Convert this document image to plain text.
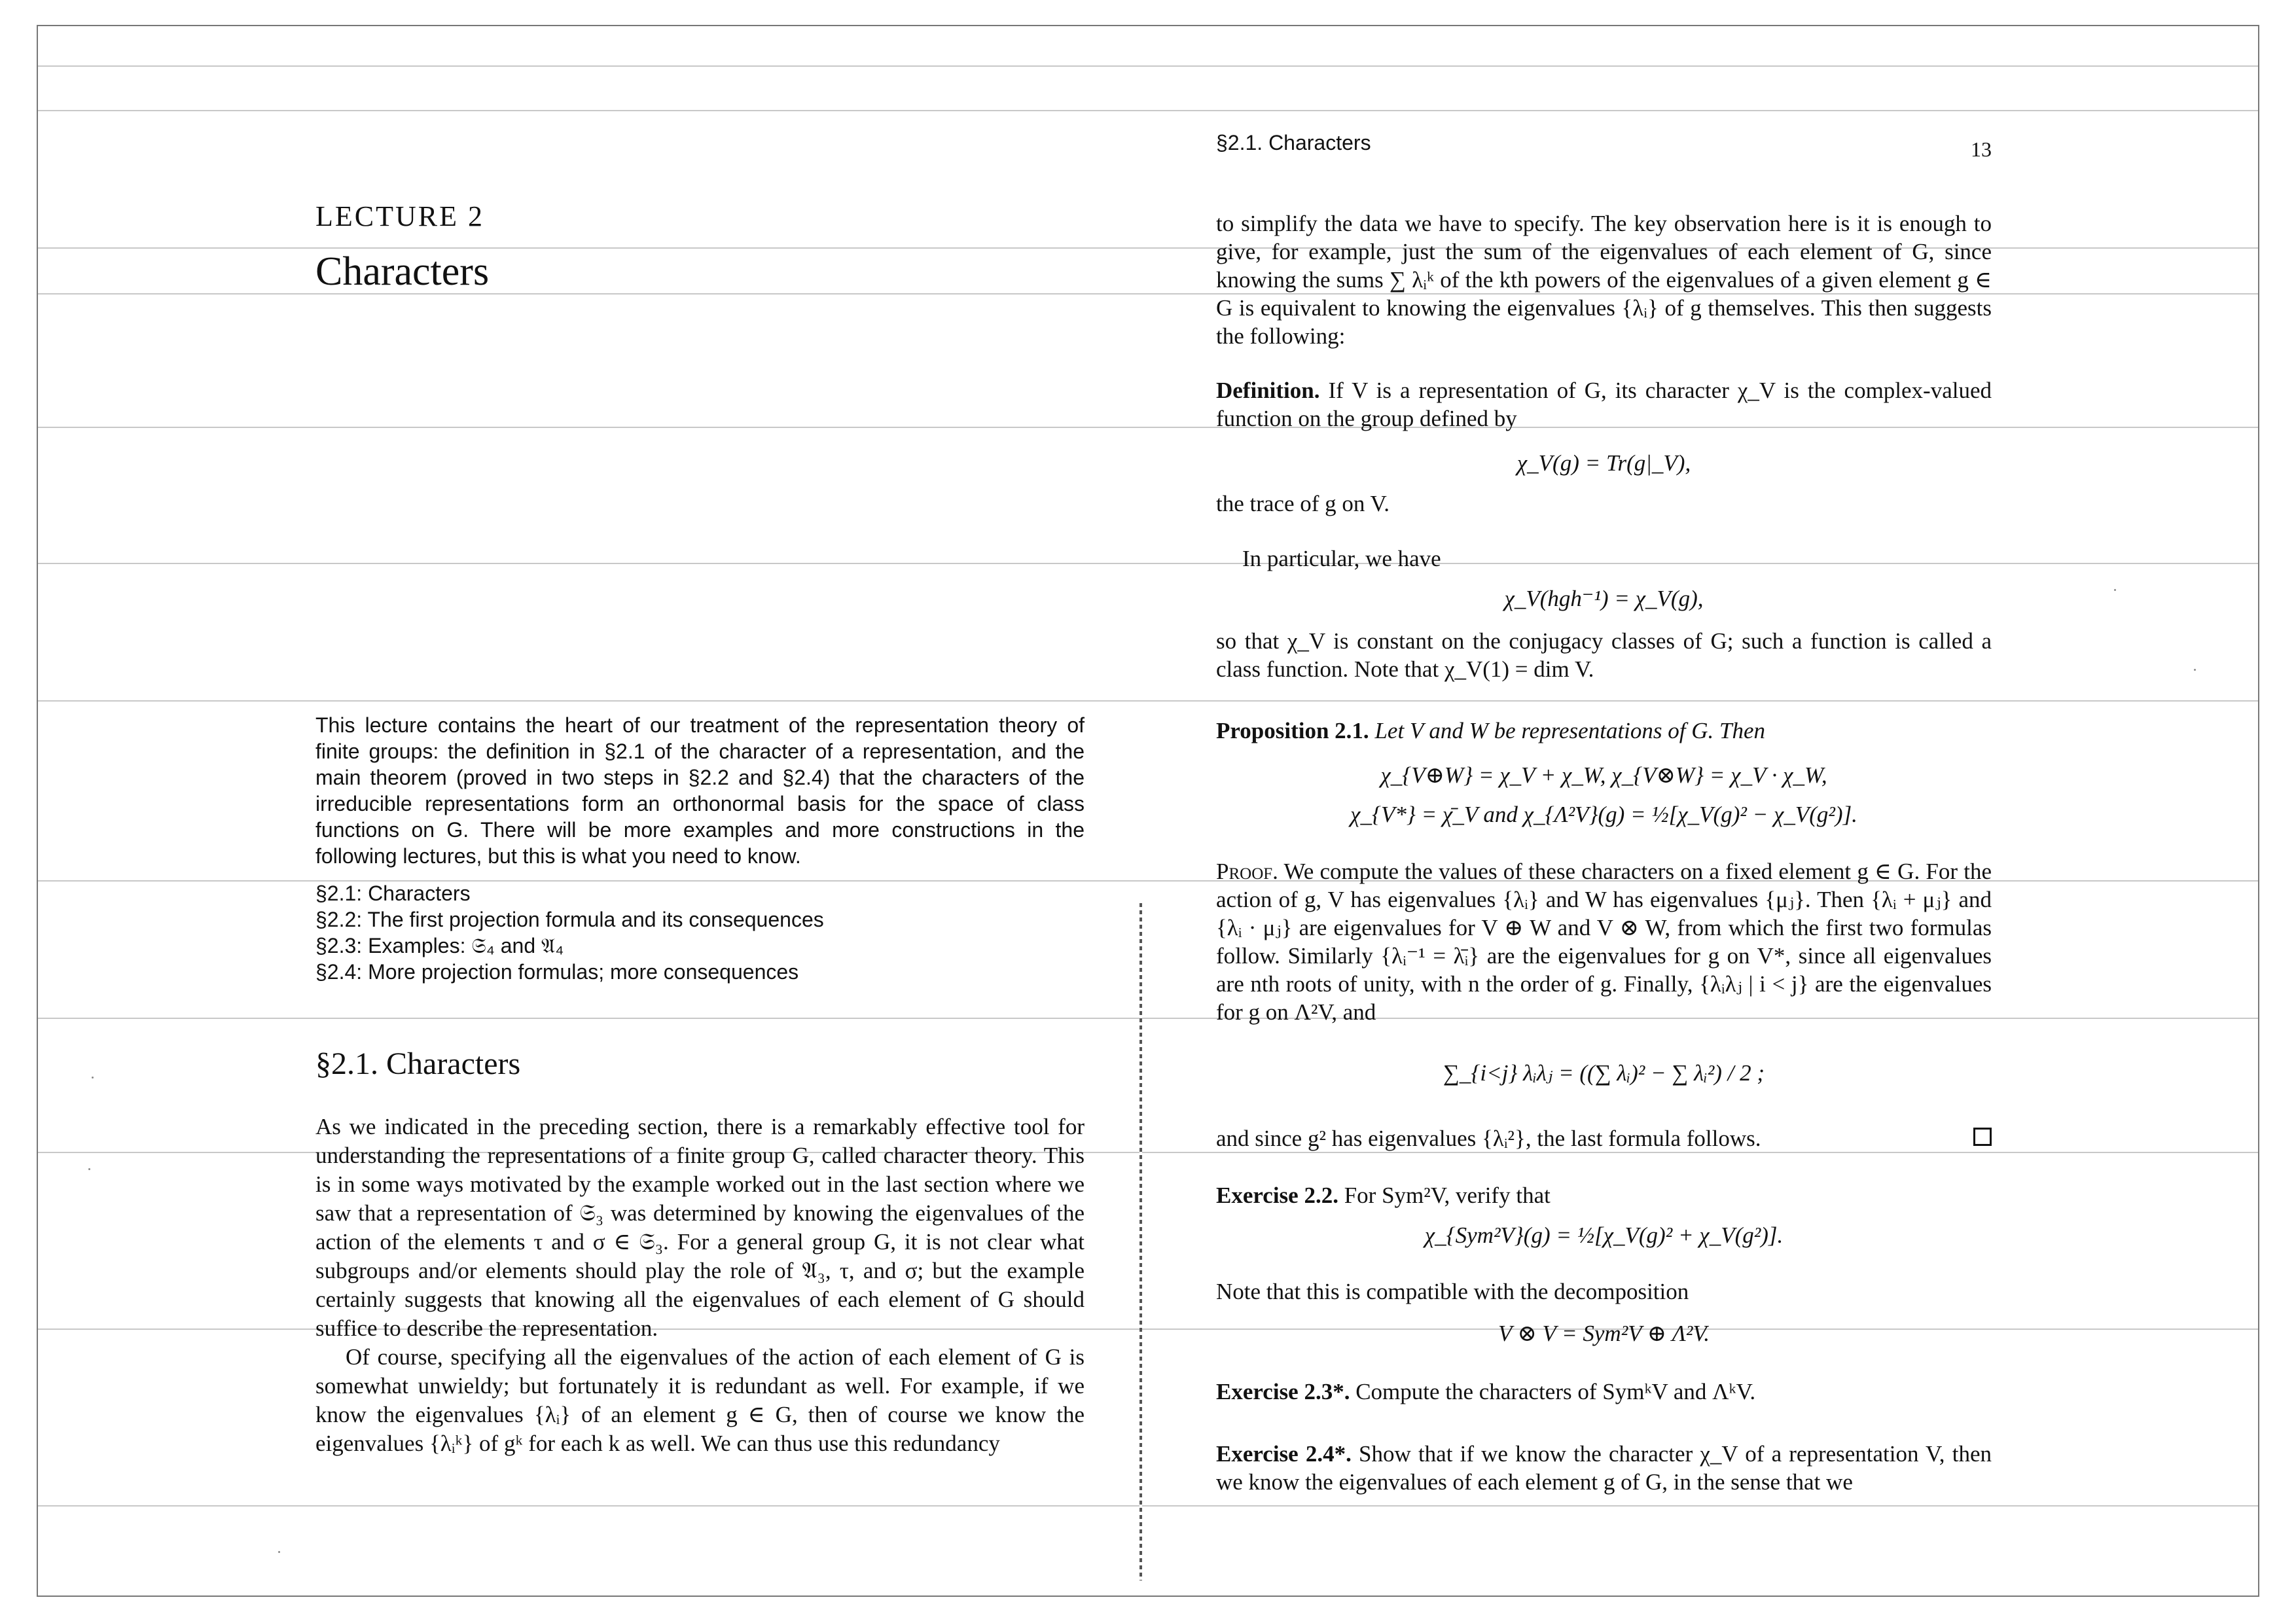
LECTURE 2
Characters
This lecture contains the heart of our treatment of the representation theory of finite groups: the definition in §2.1 of the character of a representation, and the main theorem (proved in two steps in §2.2 and §2.4) that the characters of the irreducible representations form an orthonormal basis for the space of class functions on G. There will be more examples and more constructions in the following lectures, but this is what you need to know.
§2.1: Characters
§2.2: The first projection formula and its consequences
§2.3: Examples: 𝔖₄ and 𝔄₄
§2.4: More projection formulas; more consequences
§2.1. Characters

As we indicated in the preceding section, there is a remarkably effective tool for understanding the representations of a finite group G, called character theory. This is in some ways motivated by the example worked out in the last section where we saw that a representation of 𝔖₃ was determined by knowing the eigenvalues of the action of the elements τ and σ ∈ 𝔖₃. For a general group G, it is not clear what subgroups and/or elements should play the role of 𝔄₃, τ, and σ; but the example certainly suggests that knowing all the eigenvalues of each element of G should suffice to describe the representation.

Of course, specifying all the eigenvalues of the action of each element of G is somewhat unwieldy; but fortunately it is redundant as well. For example, if we know the eigenvalues {λᵢ} of an element g ∈ G, then of course we know the eigenvalues {λᵢᵏ} of gᵏ for each k as well. We can thus use this redundancy

§2.1. Characters	13

to simplify the data we have to specify. The key observation here is it is enough to give, for example, just the sum of the eigenvalues of each element of G, since knowing the sums ∑ λᵢᵏ of the kth powers of the eigenvalues of a given element g ∈ G is equivalent to knowing the eigenvalues {λᵢ} of g themselves. This then suggests the following:

Definition. If V is a representation of G, its character χ_V is the complex-valued function on the group defined by

χ_V(g) = Tr(g|_V),
the trace of g on V.
In particular, we have
χ_V(hgh⁻¹) = χ_V(g),
so that χ_V is constant on the conjugacy classes of G; such a function is called a class function. Note that χ_V(1) = dim V.

Proposition 2.1. Let V and W be representations of G. Then

χ_{V⊕W} = χ_V + χ_W, χ_{V⊗W} = χ_V · χ_W,
χ_{V*} = χ̄_V and χ_{Λ²V}(g) = ½[χ_V(g)² − χ_V(g²)].

Proof. We compute the values of these characters on a fixed element g ∈ G. For the action of g, V has eigenvalues {λᵢ} and W has eigenvalues {μⱼ}. Then {λᵢ + μⱼ} and {λᵢ · μⱼ} are eigenvalues for V ⊕ W and V ⊗ W, from which the first two formulas follow. Similarly {λᵢ⁻¹ = λ̄ᵢ} are the eigenvalues for g on V*, since all eigenvalues are nth roots of unity, with n the order of g. Finally, {λᵢλⱼ | i < j} are the eigenvalues for g on Λ²V, and

∑_{i<j} λᵢλⱼ = ((∑ λᵢ)² − ∑ λᵢ²) / 2 ;
and since g² has eigenvalues {λᵢ²}, the last formula follows.

Exercise 2.2. For Sym²V, verify that

χ_{Sym²V}(g) = ½[χ_V(g)² + χ_V(g²)].
Note that this is compatible with the decomposition
V ⊗ V = Sym²V ⊕ Λ²V.

Exercise 2.3*. Compute the characters of SymᵏV and ΛᵏV.

Exercise 2.4*. Show that if we know the character χ_V of a representation V, then we know the eigenvalues of each element g of G, in the sense that we
